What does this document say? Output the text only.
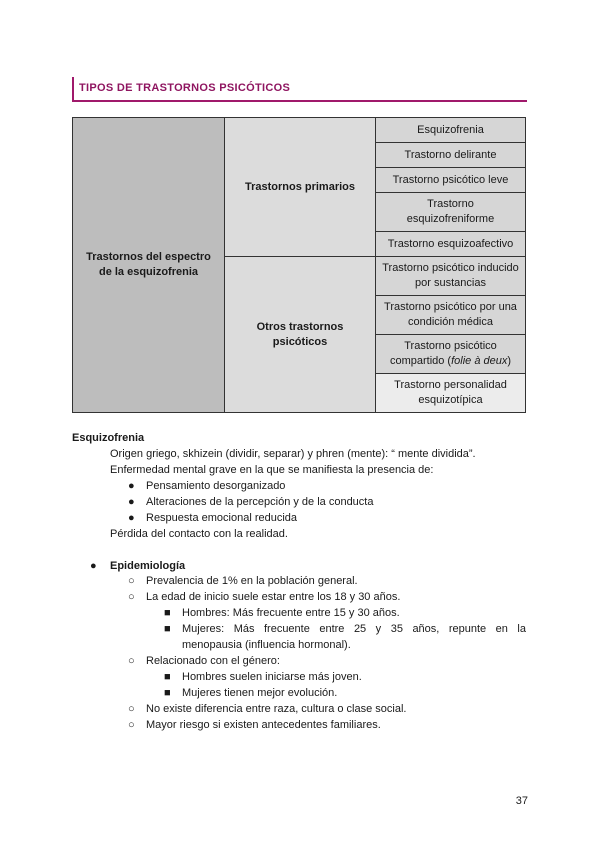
TIPOS DE TRASTORNOS PSICÓTICOS
Trastornos del espectro de la esquizofrenia	Trastornos primarios	Esquizofrenia
		Trastorno delirante
		Trastorno psicótico leve
		Trastorno esquizofreniforme
		Trastorno esquizoafectivo
	Otros trastornos psicóticos	Trastorno psicótico inducido por sustancias
		Trastorno psicótico por una condición médica
		Trastorno psicótico compartido (folie à deux)
		Trastorno personalidad esquizotípica
Esquizofrenia
Origen griego, skhizein (dividir, separar) y phren (mente): “ mente dividida”.
Enfermedad mental grave en la que se manifiesta la presencia de:
● Pensamiento desorganizado
● Alteraciones de la percepción y de la conducta
● Respuesta emocional reducida
Pérdida del contacto con la realidad.
● Epidemiología
○ Prevalencia de 1% en la población general.
○ La edad de inicio suele estar entre los 18 y 30 años.
■ Hombres: Más frecuente entre 15 y 30 años.
■ Mujeres: Más frecuente entre 25 y 35 años, repunte en la
menopausia (influencia hormonal).
○ Relacionado con el género:
■ Hombres suelen iniciarse más joven.
■ Mujeres tienen mejor evolución.
○ No existe diferencia entre raza, cultura o clase social.
○ Mayor riesgo si existen antecedentes familiares.
37
